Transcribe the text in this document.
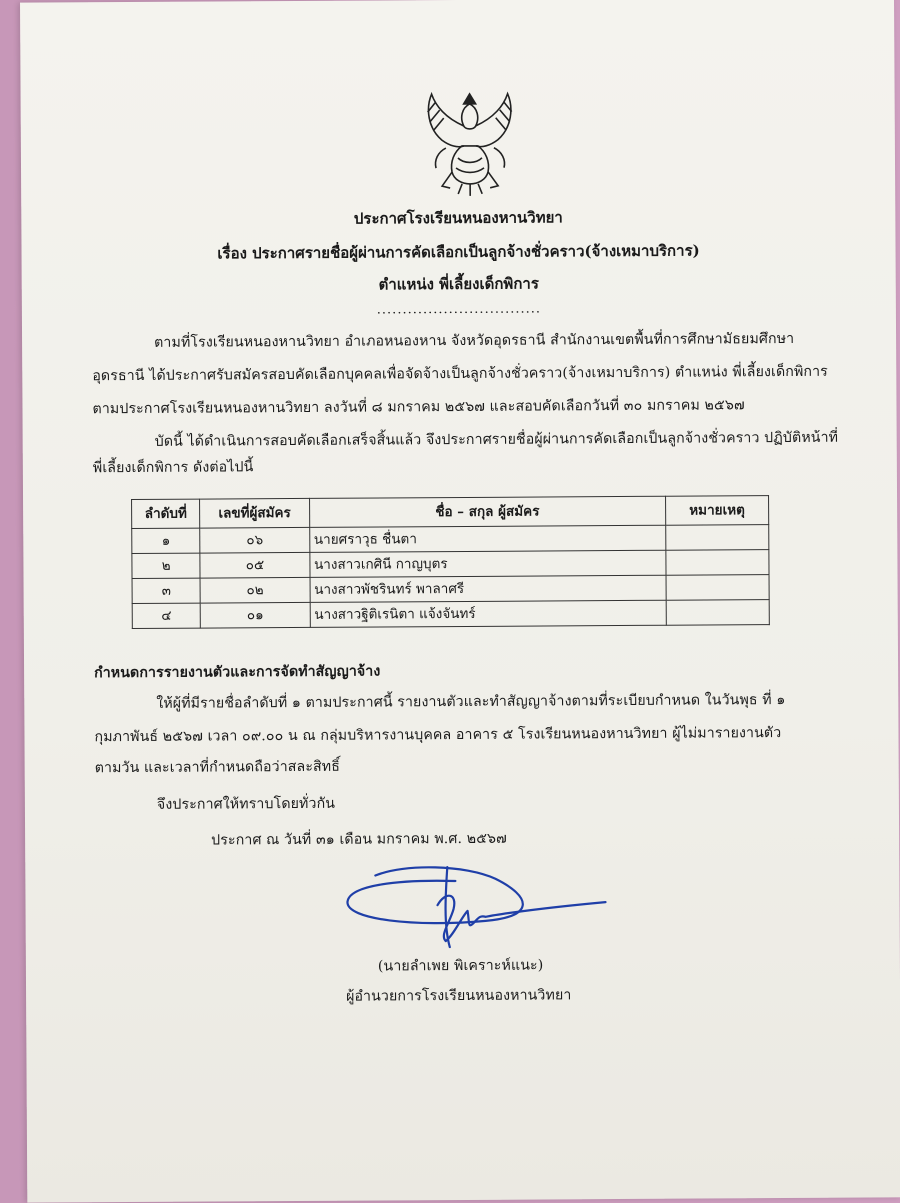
ประกาศโรงเรียนหนองหานวิทยา
เรื่อง ประกาศรายชื่อผู้ผ่านการคัดเลือกเป็นลูกจ้างชั่วคราว(จ้างเหมาบริการ)
ตำแหน่ง พี่เลี้ยงเด็กพิการ
................................
ตามที่โรงเรียนหนองหานวิทยา อำเภอหนองหาน จังหวัดอุดรธานี สำนักงานเขตพื้นที่การศึกษามัธยมศึกษา
อุดรธานี ได้ประกาศรับสมัครสอบคัดเลือกบุคคลเพื่อจัดจ้างเป็นลูกจ้างชั่วคราว(จ้างเหมาบริการ) ตำแหน่ง พี่เลี้ยงเด็กพิการ
ตามประกาศโรงเรียนหนองหานวิทยา ลงวันที่ ๘ มกราคม ๒๕๖๗ และสอบคัดเลือกวันที่ ๓๐ มกราคม ๒๕๖๗
บัดนี้ ได้ดำเนินการสอบคัดเลือกเสร็จสิ้นแล้ว จึงประกาศรายชื่อผู้ผ่านการคัดเลือกเป็นลูกจ้างชั่วคราว ปฏิบัติหน้าที่
พี่เลี้ยงเด็กพิการ ดังต่อไปนี้
ลำดับที่	เลขที่ผู้สมัคร	ชื่อ – สกุล ผู้สมัคร	หมายเหตุ
๑	๐๖	นายศราวุธ ชื่นตา	
๒	๐๕	นางสาวเกศินี กาญบุตร	
๓	๐๒	นางสาวพัชรินทร์ พาลาศรี	
๔	๐๑	นางสาวฐิติเรนิตา แจ้งจันทร์	
กำหนดการรายงานตัวและการจัดทำสัญญาจ้าง
ให้ผู้ที่มีรายชื่อลำดับที่ ๑ ตามประกาศนี้ รายงานตัวและทำสัญญาจ้างตามที่ระเบียบกำหนด ในวันพุธ ที่ ๑
กุมภาพันธ์ ๒๕๖๗ เวลา ๐๙.๐๐ น ณ กลุ่มบริหารงานบุคคล อาคาร ๕ โรงเรียนหนองหานวิทยา ผู้ไม่มารายงานตัว
ตามวัน และเวลาที่กำหนดถือว่าสละสิทธิ์
จึงประกาศให้ทราบโดยทั่วกัน
ประกาศ ณ วันที่ ๓๑ เดือน มกราคม พ.ศ. ๒๕๖๗
(นายลำเพย พิเคราะห์แนะ)
ผู้อำนวยการโรงเรียนหนองหานวิทยา
